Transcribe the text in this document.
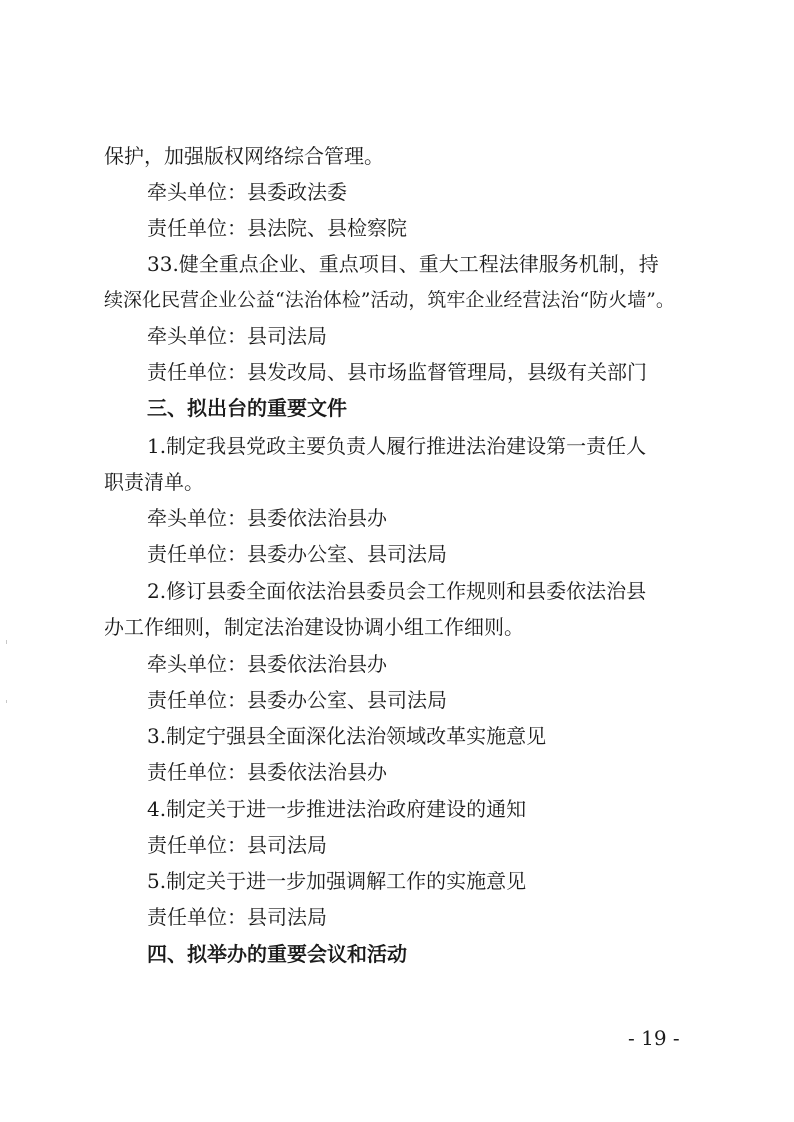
保护，加强版权网络综合管理。
牵头单位：县委政法委
责任单位：县法院、县检察院
33.健全重点企业、重点项目、重大工程法律服务机制，持
续深化民营企业公益“法治体检”活动，筑牢企业经营法治“防火墙”。
牵头单位：县司法局
责任单位：县发改局、县市场监督管理局，县级有关部门
三、拟出台的重要文件
1.制定我县党政主要负责人履行推进法治建设第一责任人
职责清单。
牵头单位：县委依法治县办
责任单位：县委办公室、县司法局
2.修订县委全面依法治县委员会工作规则和县委依法治县
办工作细则，制定法治建设协调小组工作细则。
牵头单位：县委依法治县办
责任单位：县委办公室、县司法局
3.制定宁强县全面深化法治领域改革实施意见
责任单位：县委依法治县办
4.制定关于进一步推进法治政府建设的通知
责任单位：县司法局
5.制定关于进一步加强调解工作的实施意见
责任单位：县司法局
四、拟举办的重要会议和活动
- 19 -
